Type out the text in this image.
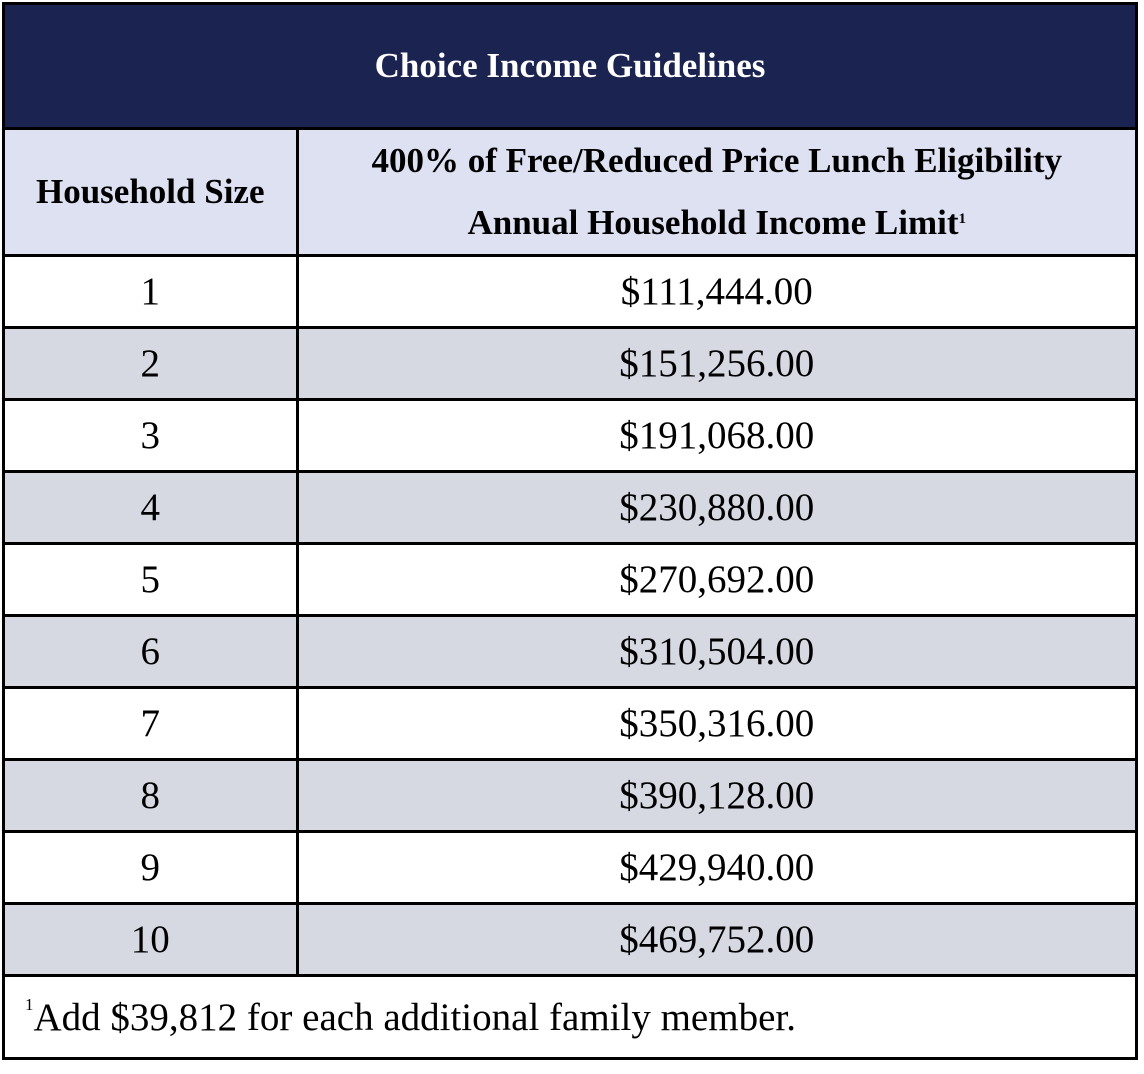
Choice Income Guidelines	
Household Size	400% of Free/Reduced Price Lunch Eligibility
Annual Household Income Limit$^1$

1	$111,444.00
2	$151,256.00
3	$191,068.00
4	$230,880.00
5	$270,692.00
6	$310,504.00
7	$350,316.00
8	$390,128.00
9	$429,940.00
10	$469,752.00
$^1$Add $39,812 for each additional family member.	
